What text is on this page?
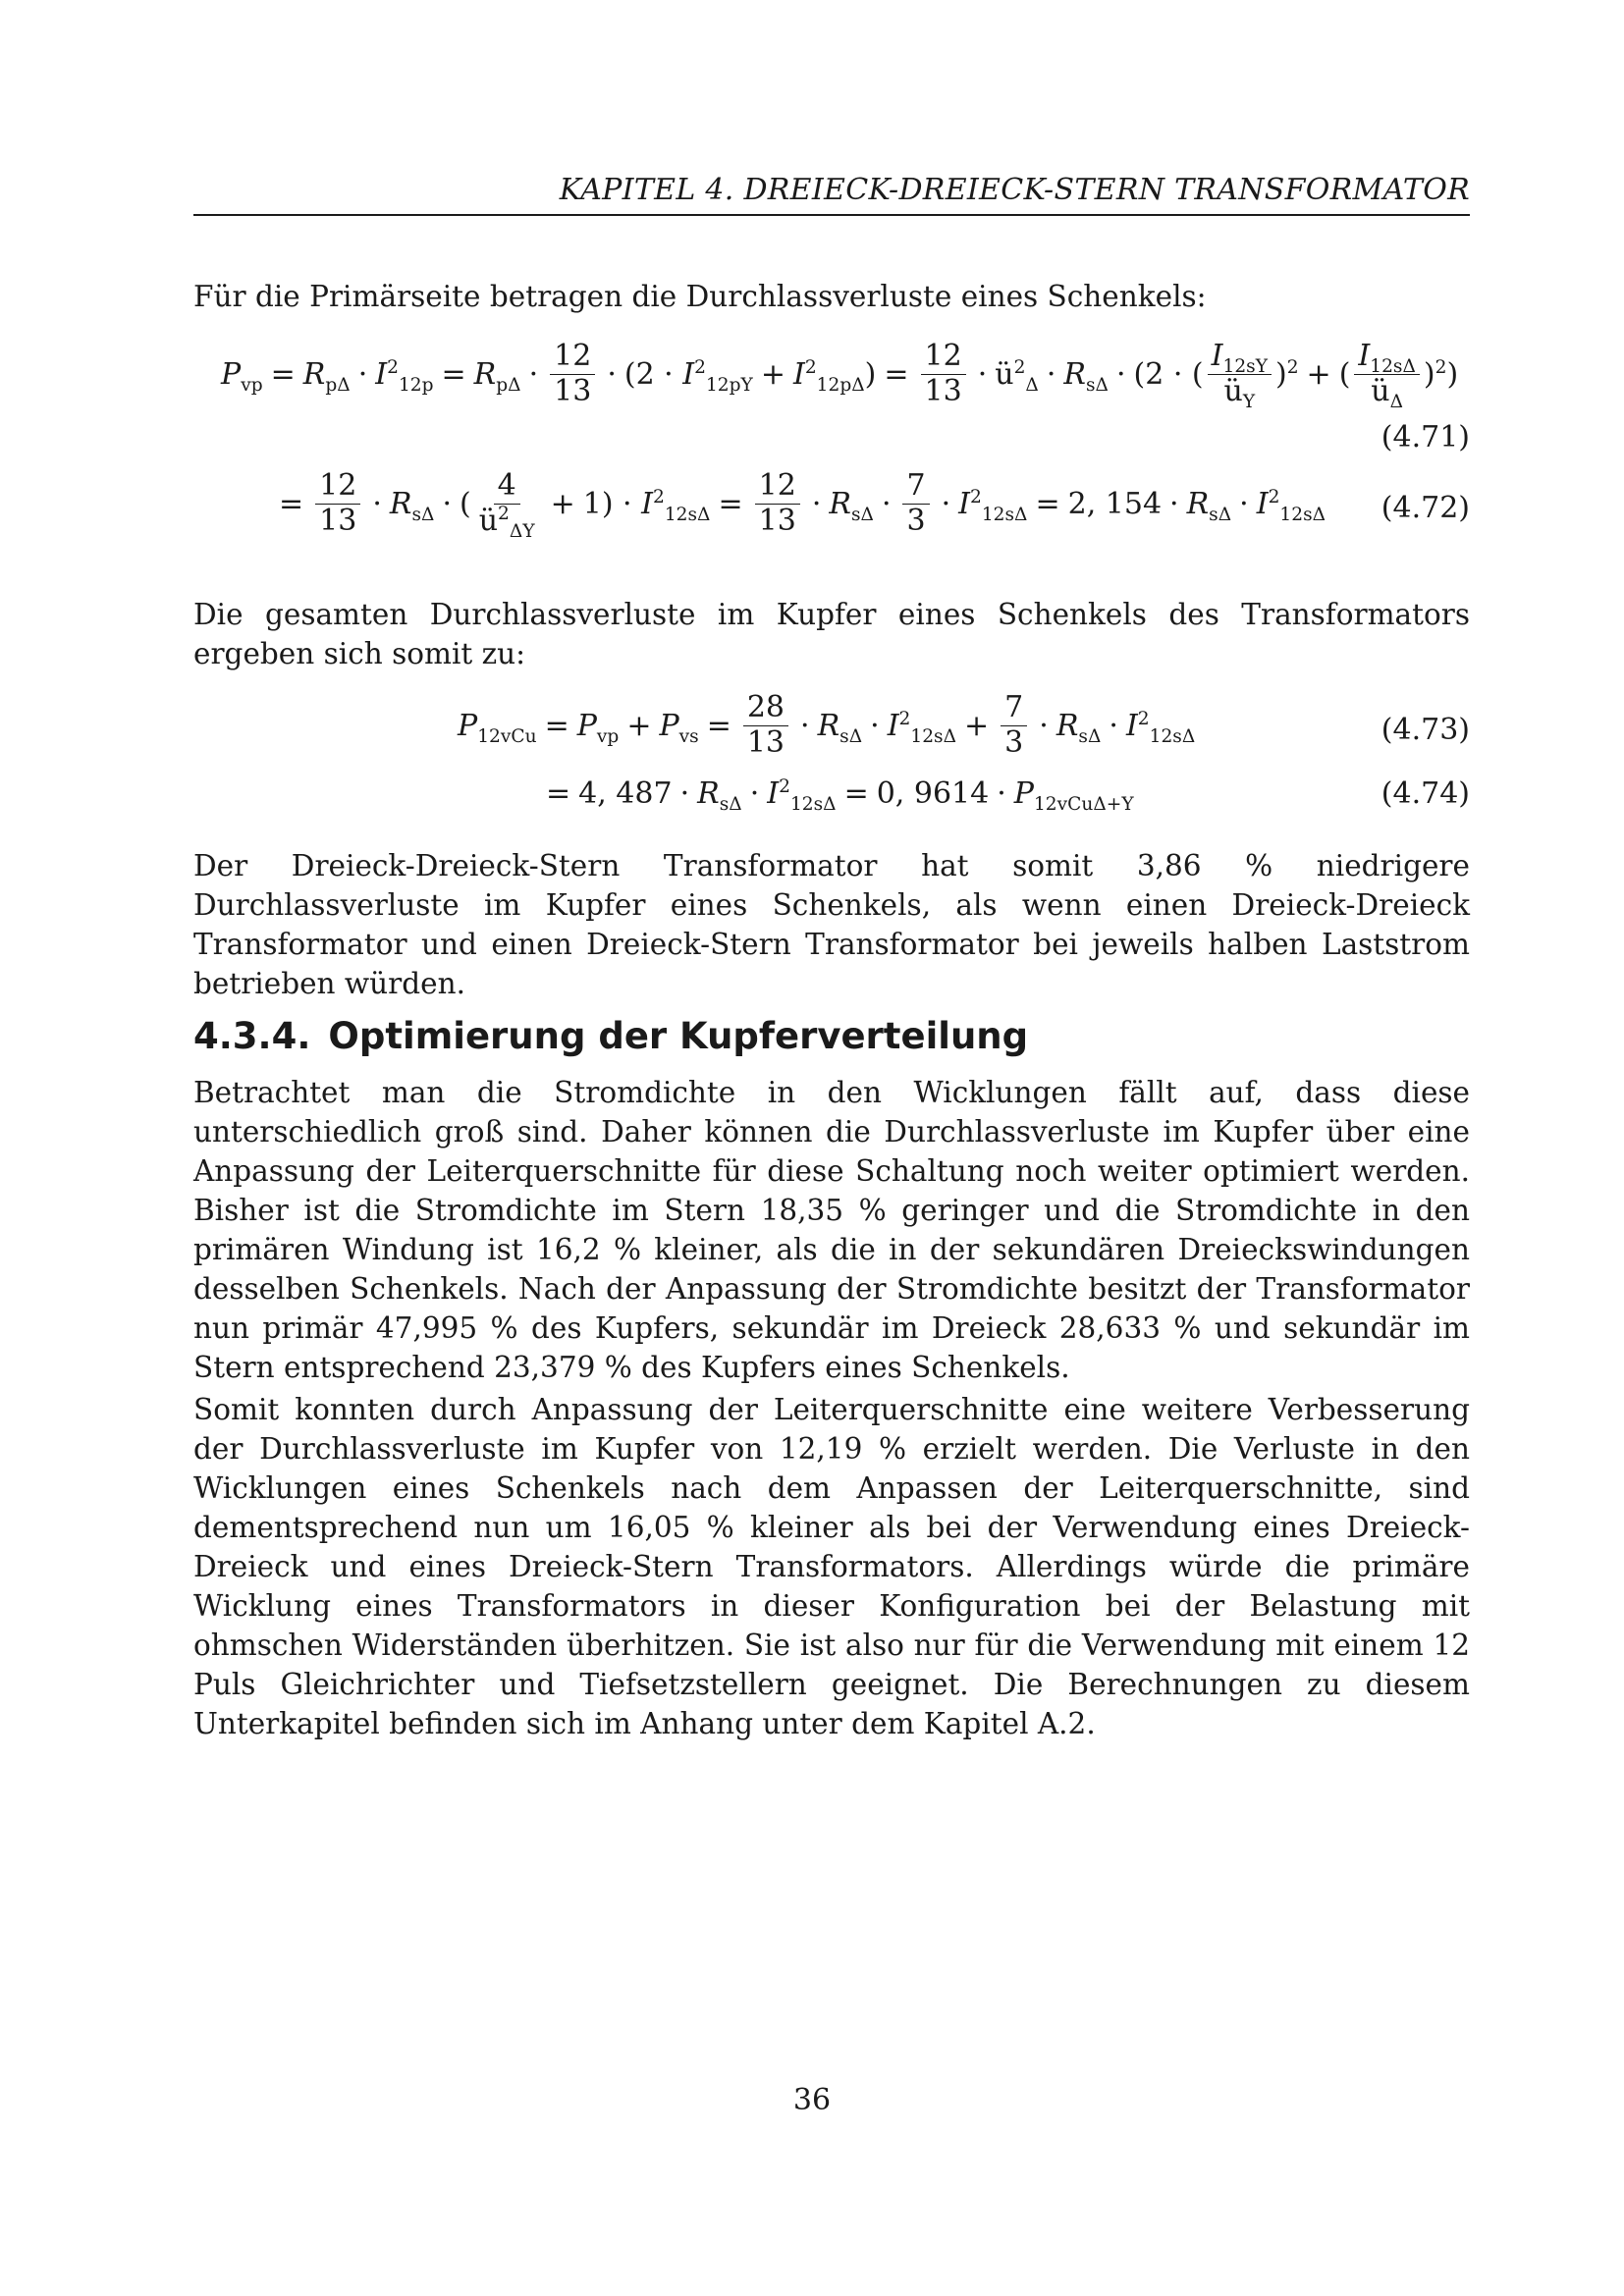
KAPITEL 4. DREIECK-DREIECK-STERN TRANSFORMATOR
Für die Primärseite betragen die Durchlassverluste eines Schenkels:
$P_{vp} = R_{p\Delta} \cdot I^2_{12p} = R_{p\Delta} \cdot \frac{12}{13} \cdot (2 \cdot I^2_{12pY} + I^2_{12p\Delta}) = \frac{12}{13}$ · $ü^2_\Delta \cdot R_{s\Delta} \cdot (2$ · ( $\frac{I_{12sY}}{ü_Y} )^2$ + ( $\frac{I_{12s\Delta}}{ü_\Delta} )^2$)
(4.71)
= $\frac{12}{13} \cdot R_{s\Delta}$ · ( $\frac{4}{ü^2_{\Delta Y}} + 1) \cdot I^2_{12s\Delta} = \frac{12}{13} \cdot R_{s\Delta} \cdot \frac{7}{3} \cdot I^2_{12s\Delta} = 2$, $154 \cdot R_{s\Delta} \cdot I^2_{12s\Delta}$ (4.72)
Die gesamten Durchlassverluste im Kupfer eines Schenkels des Transformators ergeben sich somit zu:
$P_{12vCu} = P_{vp} + P_{vs} = \frac{28}{13} \cdot R_{s\Delta} \cdot I^2_{12s\Delta} + \frac{7}{3} \cdot R_{s\Delta} \cdot I^2_{12s\Delta}$	(4.73)
= 4, $487 \cdot R_{s\Delta} \cdot I^2_{12s\Delta} = 0$, $9614 \cdot P_{12vCu\Delta+Y}$	(4.74)
Der Dreieck-Dreieck-Stern Transformator hat somit 3,86 % niedrigere Durchlassverluste im Kupfer eines Schenkels, als wenn einen Dreieck-Dreieck Transformator und einen Dreieck-Stern Transformator bei jeweils halben Laststrom betrieben würden.
4.3.4. Optimierung der Kupferverteilung
Betrachtet man die Stromdichte in den Wicklungen fällt auf, dass diese unterschiedlich groß sind. Daher können die Durchlassverluste im Kupfer über eine Anpassung der Leiterquerschnitte für diese Schaltung noch weiter optimiert werden. Bisher ist die Stromdichte im Stern 18,35 % geringer und die Stromdichte in den primären Windung ist 16,2 % kleiner, als die in der sekundären Dreieckswindungen desselben Schenkels. Nach der Anpassung der Stromdichte besitzt der Transformator nun primär 47,995 % des Kupfers, sekundär im Dreieck 28,633 % und sekundär im Stern entsprechend 23,379 % des Kupfers eines Schenkels.
Somit konnten durch Anpassung der Leiterquerschnitte eine weitere Verbesserung der Durchlassverluste im Kupfer von 12,19 % erzielt werden. Die Verluste in den Wicklungen eines Schenkels nach dem Anpassen der Leiterquerschnitte, sind dementsprechend nun um 16,05 % kleiner als bei der Verwendung eines Dreieck-Dreieck und eines Dreieck-Stern Transformators. Allerdings würde die primäre Wicklung eines Transformators in dieser Konfiguration bei der Belastung mit ohmschen Widerständen überhitzen. Sie ist also nur für die Verwendung mit einem 12 Puls Gleichrichter und Tiefsetzstellern geeignet. Die Berechnungen zu diesem Unterkapitel befinden sich im Anhang unter dem Kapitel A.2.
36
